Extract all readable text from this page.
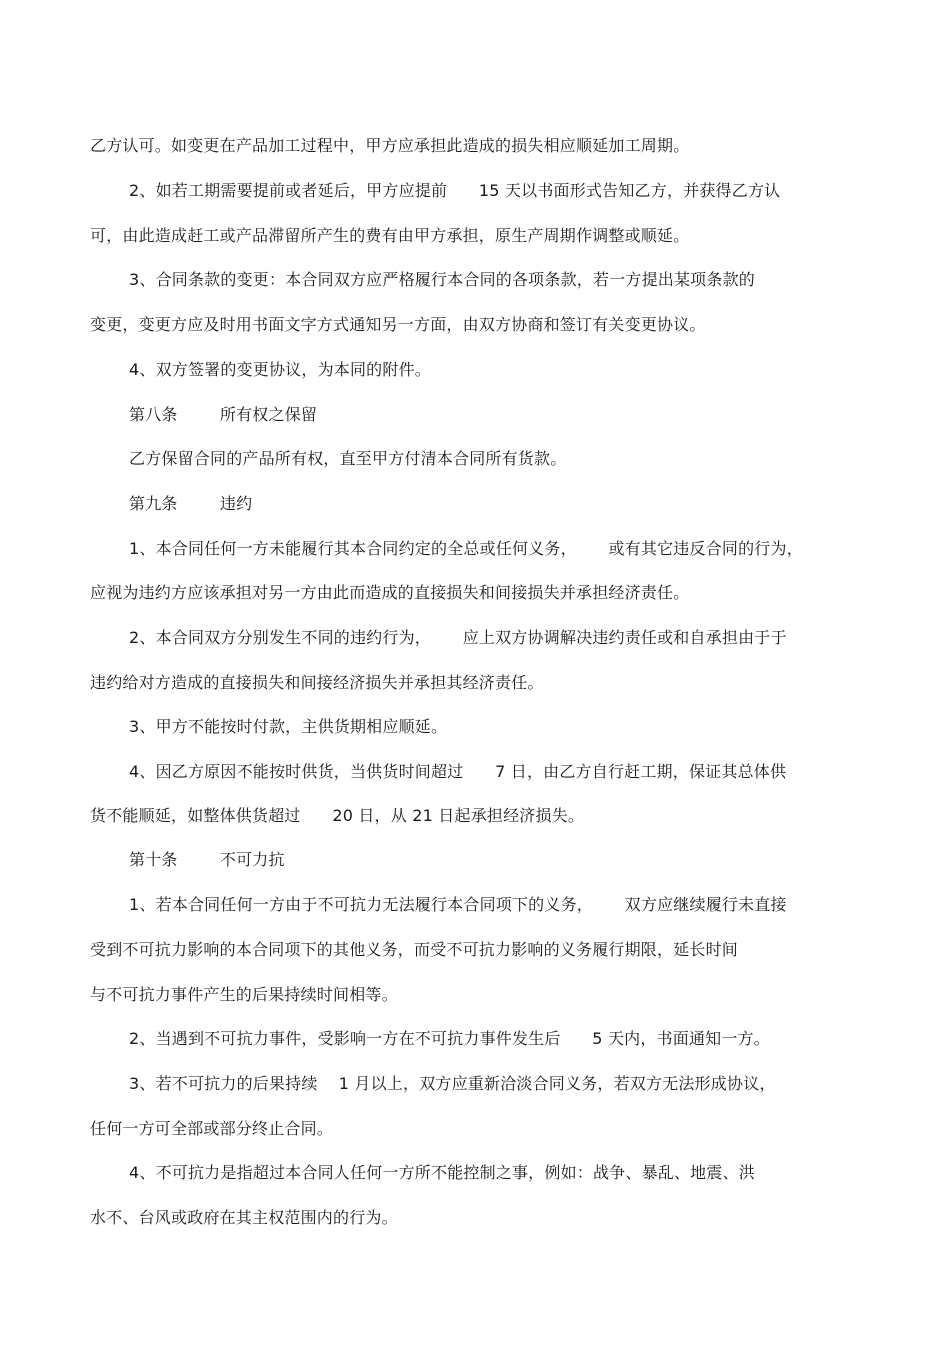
乙方认可。如变更在产品加工过程中，甲方应承担此造成的损失相应顺延加工周期。
2、如若工期需要提前或者延后，甲方应提前      15 天以书面形式告知乙方，并获得乙方认
可，由此造成赶工或产品滞留所产生的费有由甲方承担，原生产周期作调整或顺延。
3、合同条款的变更：本合同双方应严格履行本合同的各项条款，若一方提出某项条款的
变更，变更方应及时用书面文字方式通知另一方面，由双方协商和签订有关变更协议。
4、双方签署的变更协议，为本同的附件。
第八条        所有权之保留
乙方保留合同的产品所有权，直至甲方付清本合同所有货款。
第九条        违约
1、本合同任何一方未能履行其本合同约定的全总或任何义务，      或有其它违反合同的行为，
应视为违约方应该承担对另一方由此而造成的直接损失和间接损失并承担经济责任。
2、本合同双方分别发生不同的违约行为，      应上双方协调解决违约责任或和自承担由于于
违约给对方造成的直接损失和间接经济损失并承担其经济责任。
3、甲方不能按时付款，主供货期相应顺延。
4、因乙方原因不能按时供货，当供货时间超过      7 日，由乙方自行赶工期，保证其总体供
货不能顺延，如整体供货超过      20 日，从 21 日起承担经济损失。
第十条        不可力抗
1、若本合同任何一方由于不可抗力无法履行本合同项下的义务，      双方应继续履行未直接
受到不可抗力影响的本合同项下的其他义务，而受不可抗力影响的义务履行期限，延长时间
与不可抗力事件产生的后果持续时间相等。
2、当遇到不可抗力事件，受影响一方在不可抗力事件发生后      5 天内，书面通知一方。
3、若不可抗力的后果持续    1 月以上，双方应重新洽淡合同义务，若双方无法形成协议，
任何一方可全部或部分终止合同。
4、不可抗力是指超过本合同人任何一方所不能控制之事，例如：战争、暴乱、地震、洪
水不、台风或政府在其主权范围内的行为。
